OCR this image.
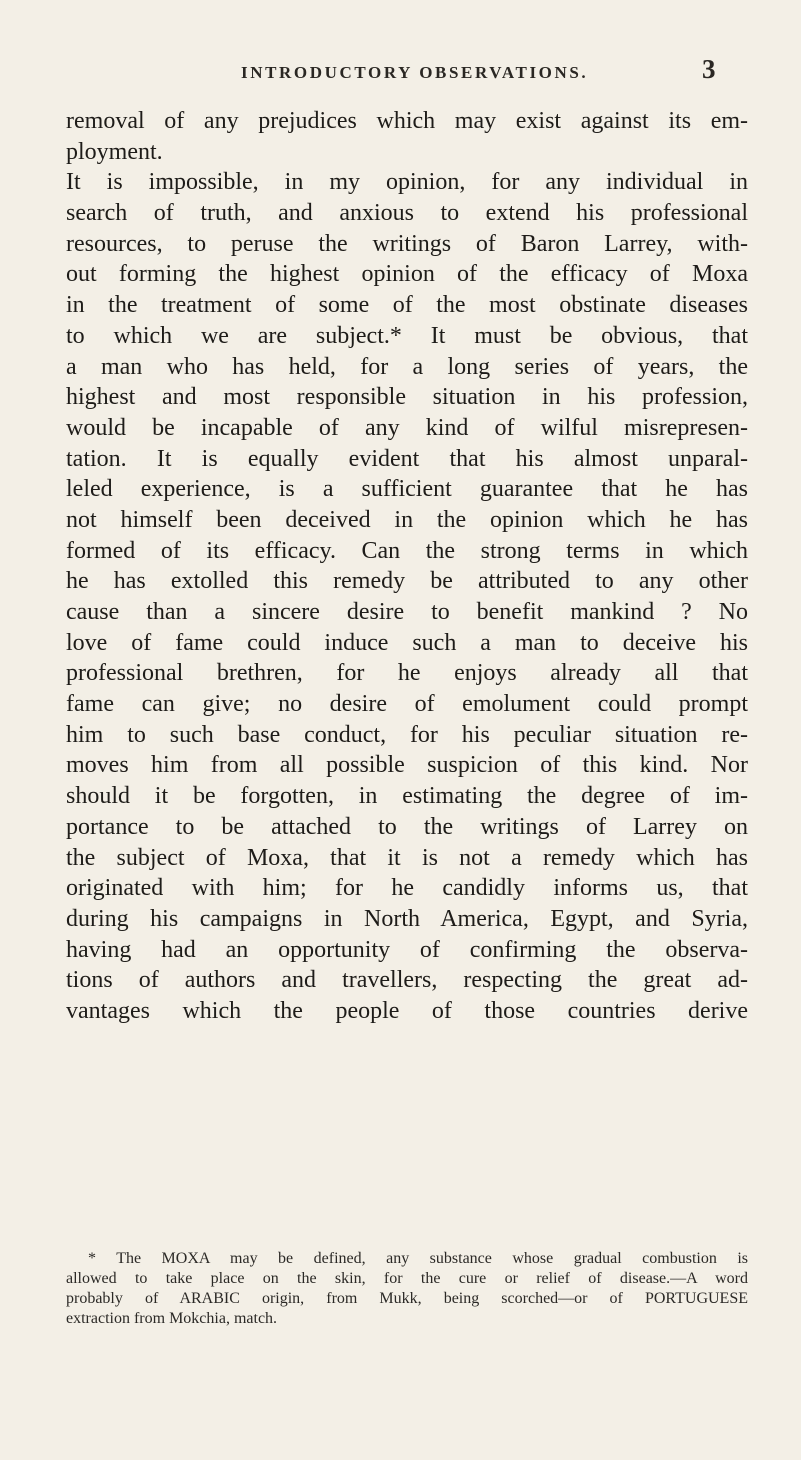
INTRODUCTORY OBSERVATIONS.	3
removal of any prejudices which may exist against its em-
ployment.
It is impossible, in my opinion, for any individual in
search of truth, and anxious to extend his professional
resources, to peruse the writings of Baron Larrey, with-
out forming the highest opinion of the efficacy of Moxa
in the treatment of some of the most obstinate diseases
to which we are subject.* It must be obvious, that
a man who has held, for a long series of years, the
highest and most responsible situation in his profession,
would be incapable of any kind of wilful misrepresen-
tation. It is equally evident that his almost unparal-
leled experience, is a sufficient guarantee that he has
not himself been deceived in the opinion which he has
formed of its efficacy. Can the strong terms in which
he has extolled this remedy be attributed to any other
cause than a sincere desire to benefit mankind ? No
love of fame could induce such a man to deceive his
professional brethren, for he enjoys already all that
fame can give; no desire of emolument could prompt
him to such base conduct, for his peculiar situation re-
moves him from all possible suspicion of this kind. Nor
should it be forgotten, in estimating the degree of im-
portance to be attached to the writings of Larrey on
the subject of Moxa, that it is not a remedy which has
originated with him; for he candidly informs us, that
during his campaigns in North America, Egypt, and Syria,
having had an opportunity of confirming the observa-
tions of authors and travellers, respecting the great ad-
vantages which the people of those countries derive
* The MOXA may be defined, any substance whose gradual combustion is
allowed to take place on the skin, for the cure or relief of disease.—A word
probably of ARABIC origin, from Mukk, being scorched—or of PORTUGUESE
extraction from Mokchia, match.
